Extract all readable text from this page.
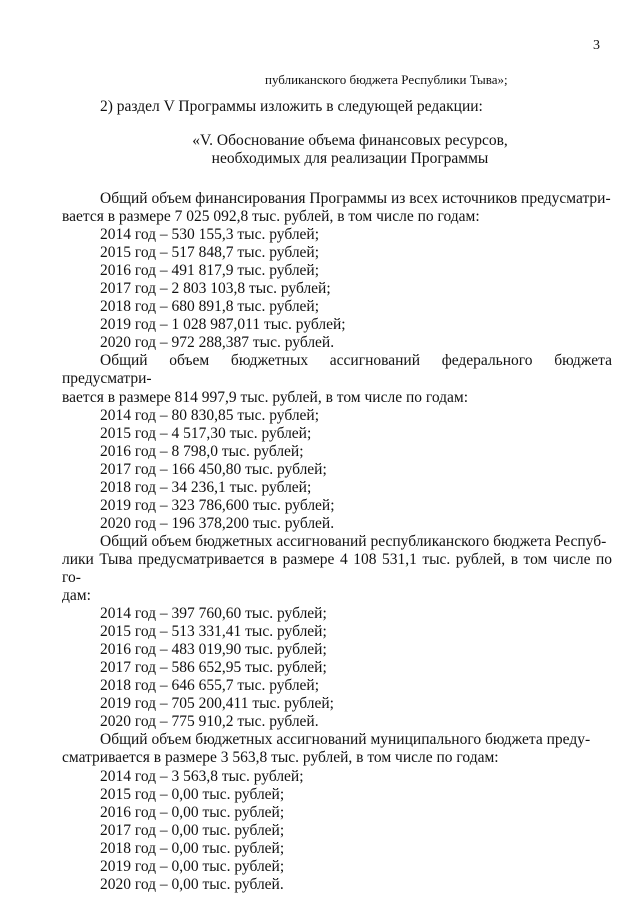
3
публиканского бюджета Республики Тыва»;
2) раздел V Программы изложить в следующей редакции:
«V. Обоснование объема финансовых ресурсов,
необходимых для реализации Программы

Общий объем финансирования Программы из всех источников предусматри-
вается в размере 7 025 092,8 тыс. рублей, в том числе по годам:

2014 год – 530 155,3 тыс. рублей;

2015 год – 517 848,7 тыс. рублей;

2016 год – 491 817,9 тыс. рублей;

2017 год – 2 803 103,8 тыс. рублей;

2018 год – 680 891,8 тыс. рублей;

2019 год – 1 028 987,011 тыс. рублей;

2020 год – 972 288,387 тыс. рублей.

Общий объем бюджетных ассигнований федерального бюджета предусматри-
вается в размере 814 997,9 тыс. рублей, в том числе по годам:

2014 год – 80 830,85 тыс. рублей;

2015 год – 4 517,30 тыс. рублей;

2016 год – 8 798,0 тыс. рублей;

2017 год – 166 450,80 тыс. рублей;

2018 год – 34 236,1 тыс. рублей;

2019 год – 323 786,600 тыс. рублей;

2020 год – 196 378,200 тыс. рублей.

Общий объем бюджетных ассигнований республиканского бюджета Респуб-
лики Тыва предусматривается в размере 4 108 531,1 тыс. рублей, в том числе по го-
дам:

2014 год – 397 760,60 тыс. рублей;

2015 год – 513 331,41 тыс. рублей;

2016 год – 483 019,90 тыс. рублей;

2017 год – 586 652,95 тыс. рублей;

2018 год – 646 655,7 тыс. рублей;

2019 год – 705 200,411 тыс. рублей;

2020 год – 775 910,2 тыс. рублей.

Общий объем бюджетных ассигнований муниципального бюджета преду-
сматривается в размере 3 563,8 тыс. рублей, в том числе по годам:

2014 год – 3 563,8 тыс. рублей;

2015 год – 0,00 тыс. рублей;

2016 год – 0,00 тыс. рублей;

2017 год – 0,00 тыс. рублей;

2018 год – 0,00 тыс. рублей;

2019 год – 0,00 тыс. рублей;

2020 год – 0,00 тыс. рублей.
